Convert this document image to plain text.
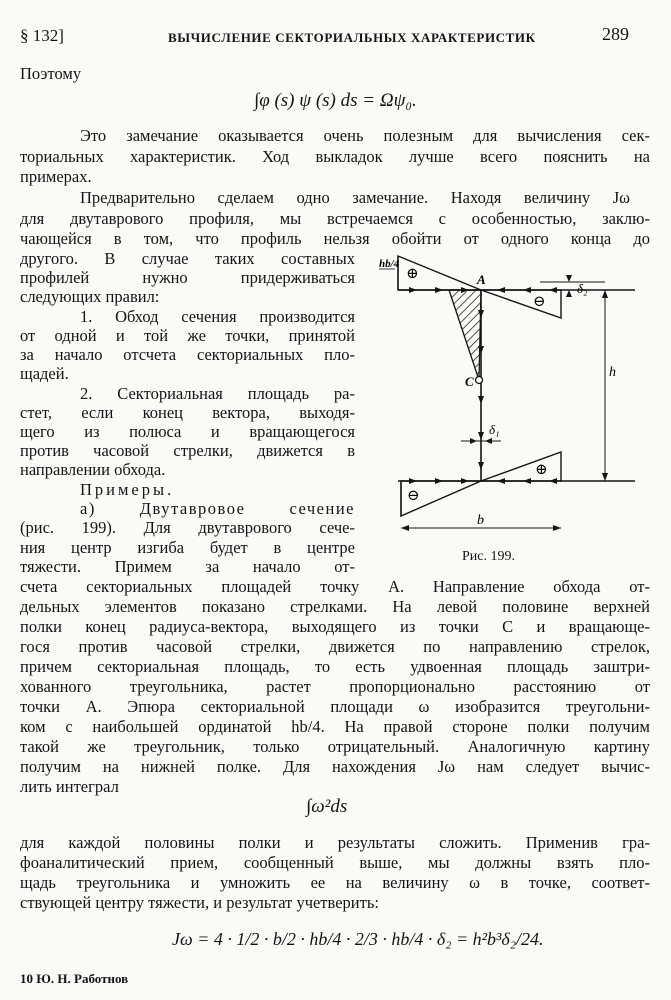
§ 132]	ВЫЧИСЛЕНИЕ СЕКТОРИАЛЬНЫХ ХАРАКТЕРИСТИК	289
Поэтому
∫φ (s) ψ (s) ds = Ωψ₀.
Это замечание оказывается очень полезным для вычисления сек-
ториальных характеристик. Ход выкладок лучше всего пояснить на
примерах.
Предварительно сделаем одно замечание. Находя величину Jω
для двутаврового профиля, мы встречаемся с особенностью, заклю-
чающейся в том, что профиль нельзя обойти от одного конца до
другого. В случае таких составных
профилей нужно придерживаться
следующих правил:
1. Обход сечения производится
от одной и той же точки, принятой
за начало отсчета секториальных пло-
щадей.
2. Секториальная площадь ра-
стет, если конец вектора, выходя-
щего из полюса и вращающегося
против часовой стрелки, движется в
направлении обхода.
Примеры.
а) Двутавровое сечение
(рис. 199). Для двутаврового сече-
ния центр изгиба будет в центре
тяжести. Примем за начало от-
счета секториальных площадей точку A. Направление обхода от-
дельных элементов показано стрелками. На левой половине верхней
полки конец радиуса-вектора, выходящего из точки C и вращающе-
гося против часовой стрелки, движется по направлению стрелок,
причем секториальная площадь, то есть удвоенная площадь заштри-
хованного треугольника, растет пропорционально расстоянию от
точки A. Эпюра секториальной площади ω изобразится треугольни-
ком с наибольшей ординатой hb/4. На правой стороне полки получим
такой же треугольник, только отрицательный. Аналогичную картину
получим на нижней полке. Для нахождения Jω нам следует вычис-
лить интеграл
∫ω²ds
для каждой половины полки и результаты сложить. Применив гра-
фоаналитический прием, сообщенный выше, мы должны взять пло-
щадь треугольника и умножить ее на величину ω в точке, соответ-
ствующей центру тяжести, и результат учетверить:
Jω = 4 · 1/2 · b/2 · hb/4 · 2/3 · hb/4 · δ₂ = h²b³δ₂/24.
hb/4
⊕	A
⊖
δ₂
C
δ₁
h
⊕
⊖
b
Рис. 199.
10 Ю. Н. Работнов
